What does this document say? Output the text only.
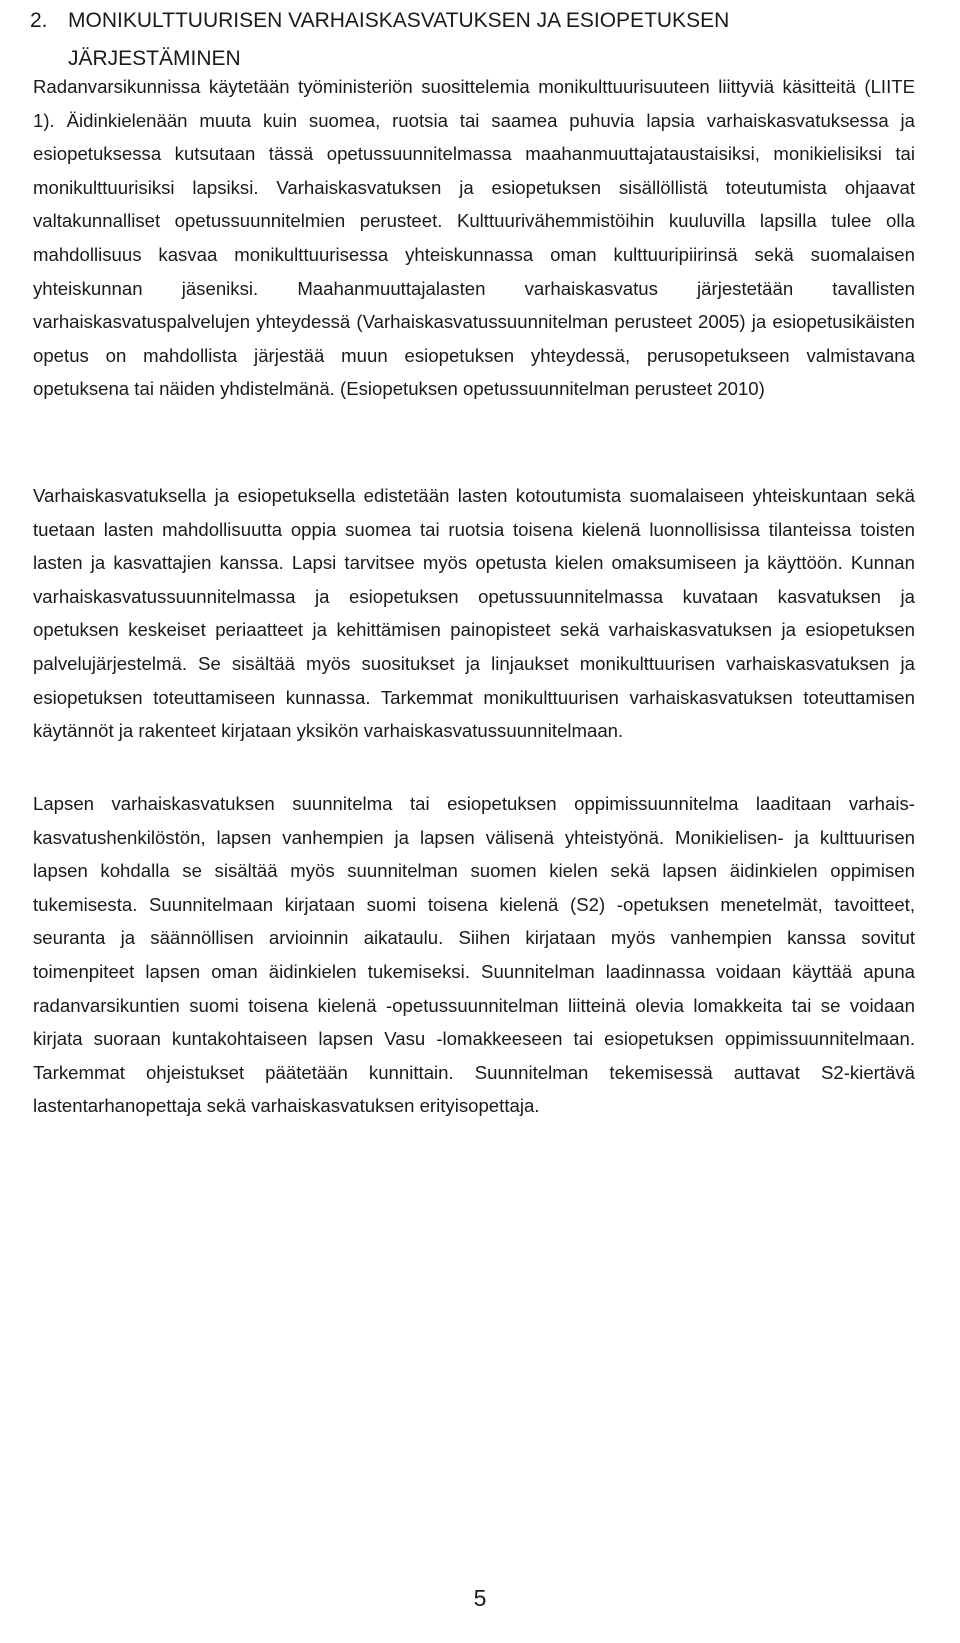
2. MONIKULTTUURISEN VARHAISKASVATUKSEN JA ESIOPETUKSEN
JÄRJESTÄMINEN

Radanvarsikunnissa käytetään työministeriön suosittelemia monikulttuurisuuteen liittyviä käsitteitä (LIITE 1). Äidinkielenään muuta kuin suomea, ruotsia tai saamea puhuvia lapsia varhaiskasvatuksessa ja esiopetuksessa kutsutaan tässä opetussuunnitelmassa maahanmuuttajataustaisiksi, monikielisiksi tai monikulttuurisiksi lapsiksi. Varhaiskasvatuksen ja esiopetuksen sisällöllistä toteutumista ohjaavat valtakunnalliset opetussuunnitelmien perusteet. Kulttuurivähemmistöihin kuuluvilla lapsilla tulee olla mahdollisuus kasvaa monikulttuurisessa yhteiskunnassa oman kulttuuripiirinsä sekä suomalaisen yhteiskunnan jäseniksi. Maahanmuuttajalasten varhaiskasvatus järjestetään tavallisten varhaiskasvatuspalvelujen yhteydessä (Varhaiskasvatussuunnitelman perusteet 2005) ja esiopetusikäisten opetus on mahdollista järjestää muun esiopetuksen yhteydessä, perusopetukseen valmistavana opetuksena tai näiden yhdistelmänä. (Esiopetuksen opetussuunnitelman perusteet 2010)

Varhaiskasvatuksella ja esiopetuksella edistetään lasten kotoutumista suomalaiseen yhteiskuntaan sekä tuetaan lasten mahdollisuutta oppia suomea tai ruotsia toisena kielenä luonnollisissa tilanteissa toisten lasten ja kasvattajien kanssa. Lapsi tarvitsee myös opetusta kielen omaksumiseen ja käyttöön. Kunnan varhaiskasvatussuunnitelmassa ja esiopetuksen opetussuunnitelmassa kuvataan kasvatuksen ja opetuksen keskeiset periaatteet ja kehittämisen painopisteet sekä varhaiskasvatuksen ja esiopetuksen palvelujärjestelmä. Se sisältää myös suositukset ja linjaukset monikulttuurisen varhaiskasvatuksen ja esiopetuksen toteuttamiseen kunnassa. Tarkemmat monikulttuurisen varhaiskasvatuksen toteuttamisen käytännöt ja rakenteet kirjataan yksikön varhaiskasvatussuunnitelmaan.

Lapsen varhaiskasvatuksen suunnitelma tai esiopetuksen oppimissuunnitelma laaditaan varhaiskasvatushenkilöstön, lapsen vanhempien ja lapsen välisenä yhteistyönä. Monikielisen- ja kulttuurisen lapsen kohdalla se sisältää myös suunnitelman suomen kielen sekä lapsen äidinkielen oppimisen tukemisesta. Suunnitelmaan kirjataan suomi toisena kielenä (S2) -opetuksen menetelmät, tavoitteet, seuranta ja säännöllisen arvioinnin aikataulu. Siihen kirjataan myös vanhempien kanssa sovitut toimenpiteet lapsen oman äidinkielen tukemiseksi. Suunnitelman laadinnassa voidaan käyttää apuna radanvarsikuntien suomi toisena kielenä -opetussuunnitelman liitteinä olevia lomakkeita tai se voidaan kirjata suoraan kuntakohtaiseen lapsen Vasu -lomakkeeseen tai esiopetuksen oppimissuunnitelmaan. Tarkemmat ohjeistukset päätetään kunnittain. Suunnitelman tekemisessä auttavat S2-kiertävä lastentarhanopettaja sekä varhaiskasvatuksen erityisopettaja.

5
